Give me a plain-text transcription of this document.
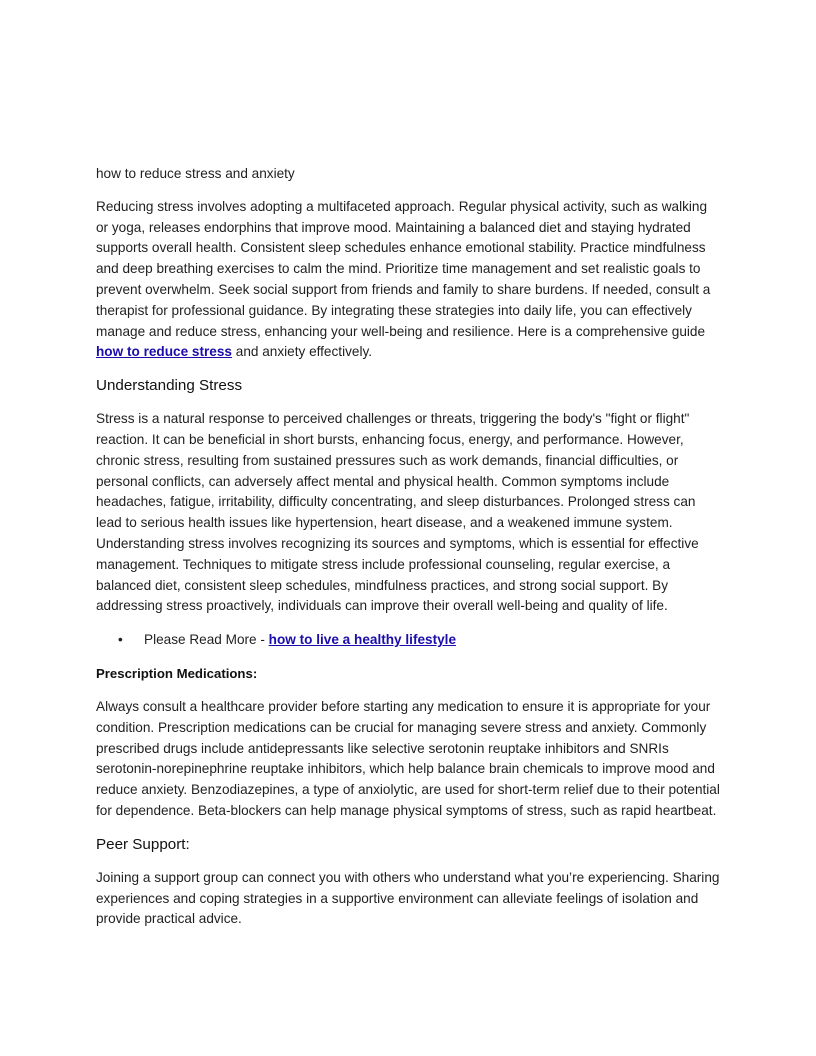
how to reduce stress and anxiety

Reducing stress involves adopting a multifaceted approach. Regular physical activity, such as walking or yoga, releases endorphins that improve mood. Maintaining a balanced diet and staying hydrated supports overall health. Consistent sleep schedules enhance emotional stability. Practice mindfulness and deep breathing exercises to calm the mind. Prioritize time management and set realistic goals to prevent overwhelm. Seek social support from friends and family to share burdens. If needed, consult a therapist for professional guidance. By integrating these strategies into daily life, you can effectively manage and reduce stress, enhancing your well-being and resilience. Here is a comprehensive guide how to reduce stress and anxiety effectively.

Understanding Stress

Stress is a natural response to perceived challenges or threats, triggering the body's "fight or flight" reaction. It can be beneficial in short bursts, enhancing focus, energy, and performance. However, chronic stress, resulting from sustained pressures such as work demands, financial difficulties, or personal conflicts, can adversely affect mental and physical health. Common symptoms include headaches, fatigue, irritability, difficulty concentrating, and sleep disturbances. Prolonged stress can lead to serious health issues like hypertension, heart disease, and a weakened immune system. Understanding stress involves recognizing its sources and symptoms, which is essential for effective management. Techniques to mitigate stress include professional counseling, regular exercise, a balanced diet, consistent sleep schedules, mindfulness practices, and strong social support. By addressing stress proactively, individuals can improve their overall well-being and quality of life.

• Please Read More - how to live a healthy lifestyle
Prescription Medications:

Always consult a healthcare provider before starting any medication to ensure it is appropriate for your condition. Prescription medications can be crucial for managing severe stress and anxiety. Commonly prescribed drugs include antidepressants like selective serotonin reuptake inhibitors and SNRIs serotonin-norepinephrine reuptake inhibitors, which help balance brain chemicals to improve mood and reduce anxiety. Benzodiazepines, a type of anxiolytic, are used for short-term relief due to their potential for dependence. Beta-blockers can help manage physical symptoms of stress, such as rapid heartbeat.

Peer Support:

Joining a support group can connect you with others who understand what you’re experiencing. Sharing experiences and coping strategies in a supportive environment can alleviate feelings of isolation and provide practical advice.
